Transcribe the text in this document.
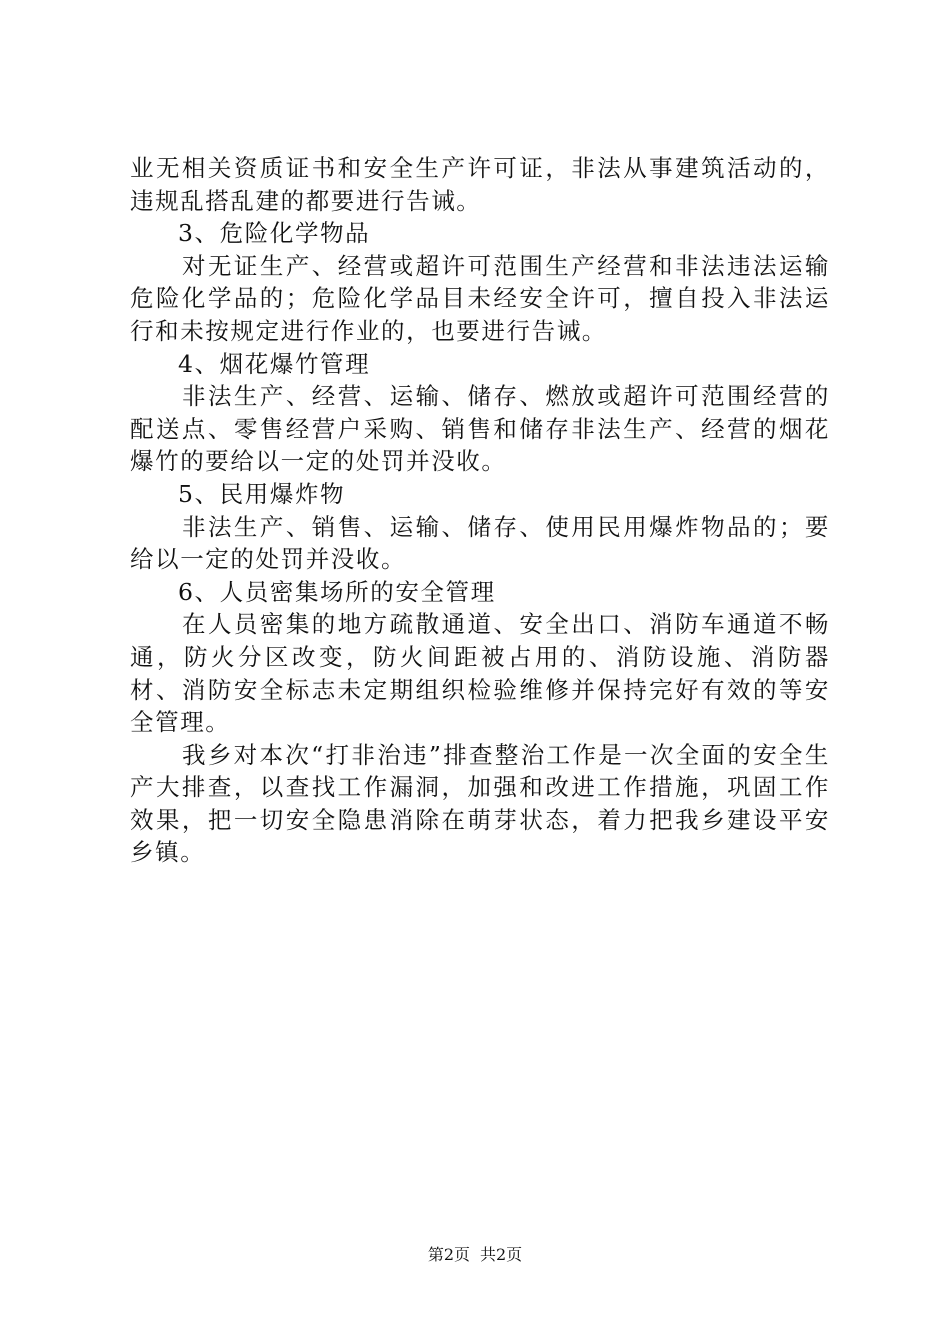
业无相关资质证书和安全生产许可证，非法从事建筑活动的，违规乱搭乱建的都要进行告诫。

3、危险化学物品

对无证生产、经营或超许可范围生产经营和非法违法运输危险化学品的；危险化学品目未经安全许可，擅自投入非法运行和未按规定进行作业的，也要进行告诫。

4、烟花爆竹管理

非法生产、经营、运输、储存、燃放或超许可范围经营的配送点、零售经营户采购、销售和储存非法生产、经营的烟花爆竹的要给以一定的处罚并没收。

5、民用爆炸物

非法生产、销售、运输、储存、使用民用爆炸物品的；要给以一定的处罚并没收。

6、人员密集场所的安全管理

在人员密集的地方疏散通道、安全出口、消防车通道不畅通，防火分区改变，防火间距被占用的、消防设施、消防器材、消防安全标志未定期组织检验维修并保持完好有效的等安全管理。

我乡对本次“打非治违”排查整治工作是一次全面的安全生产大排查，以查找工作漏洞，加强和改进工作措施，巩固工作效果，把一切安全隐患消除在萌芽状态，着力把我乡建设平安乡镇。

第2页 共2页
